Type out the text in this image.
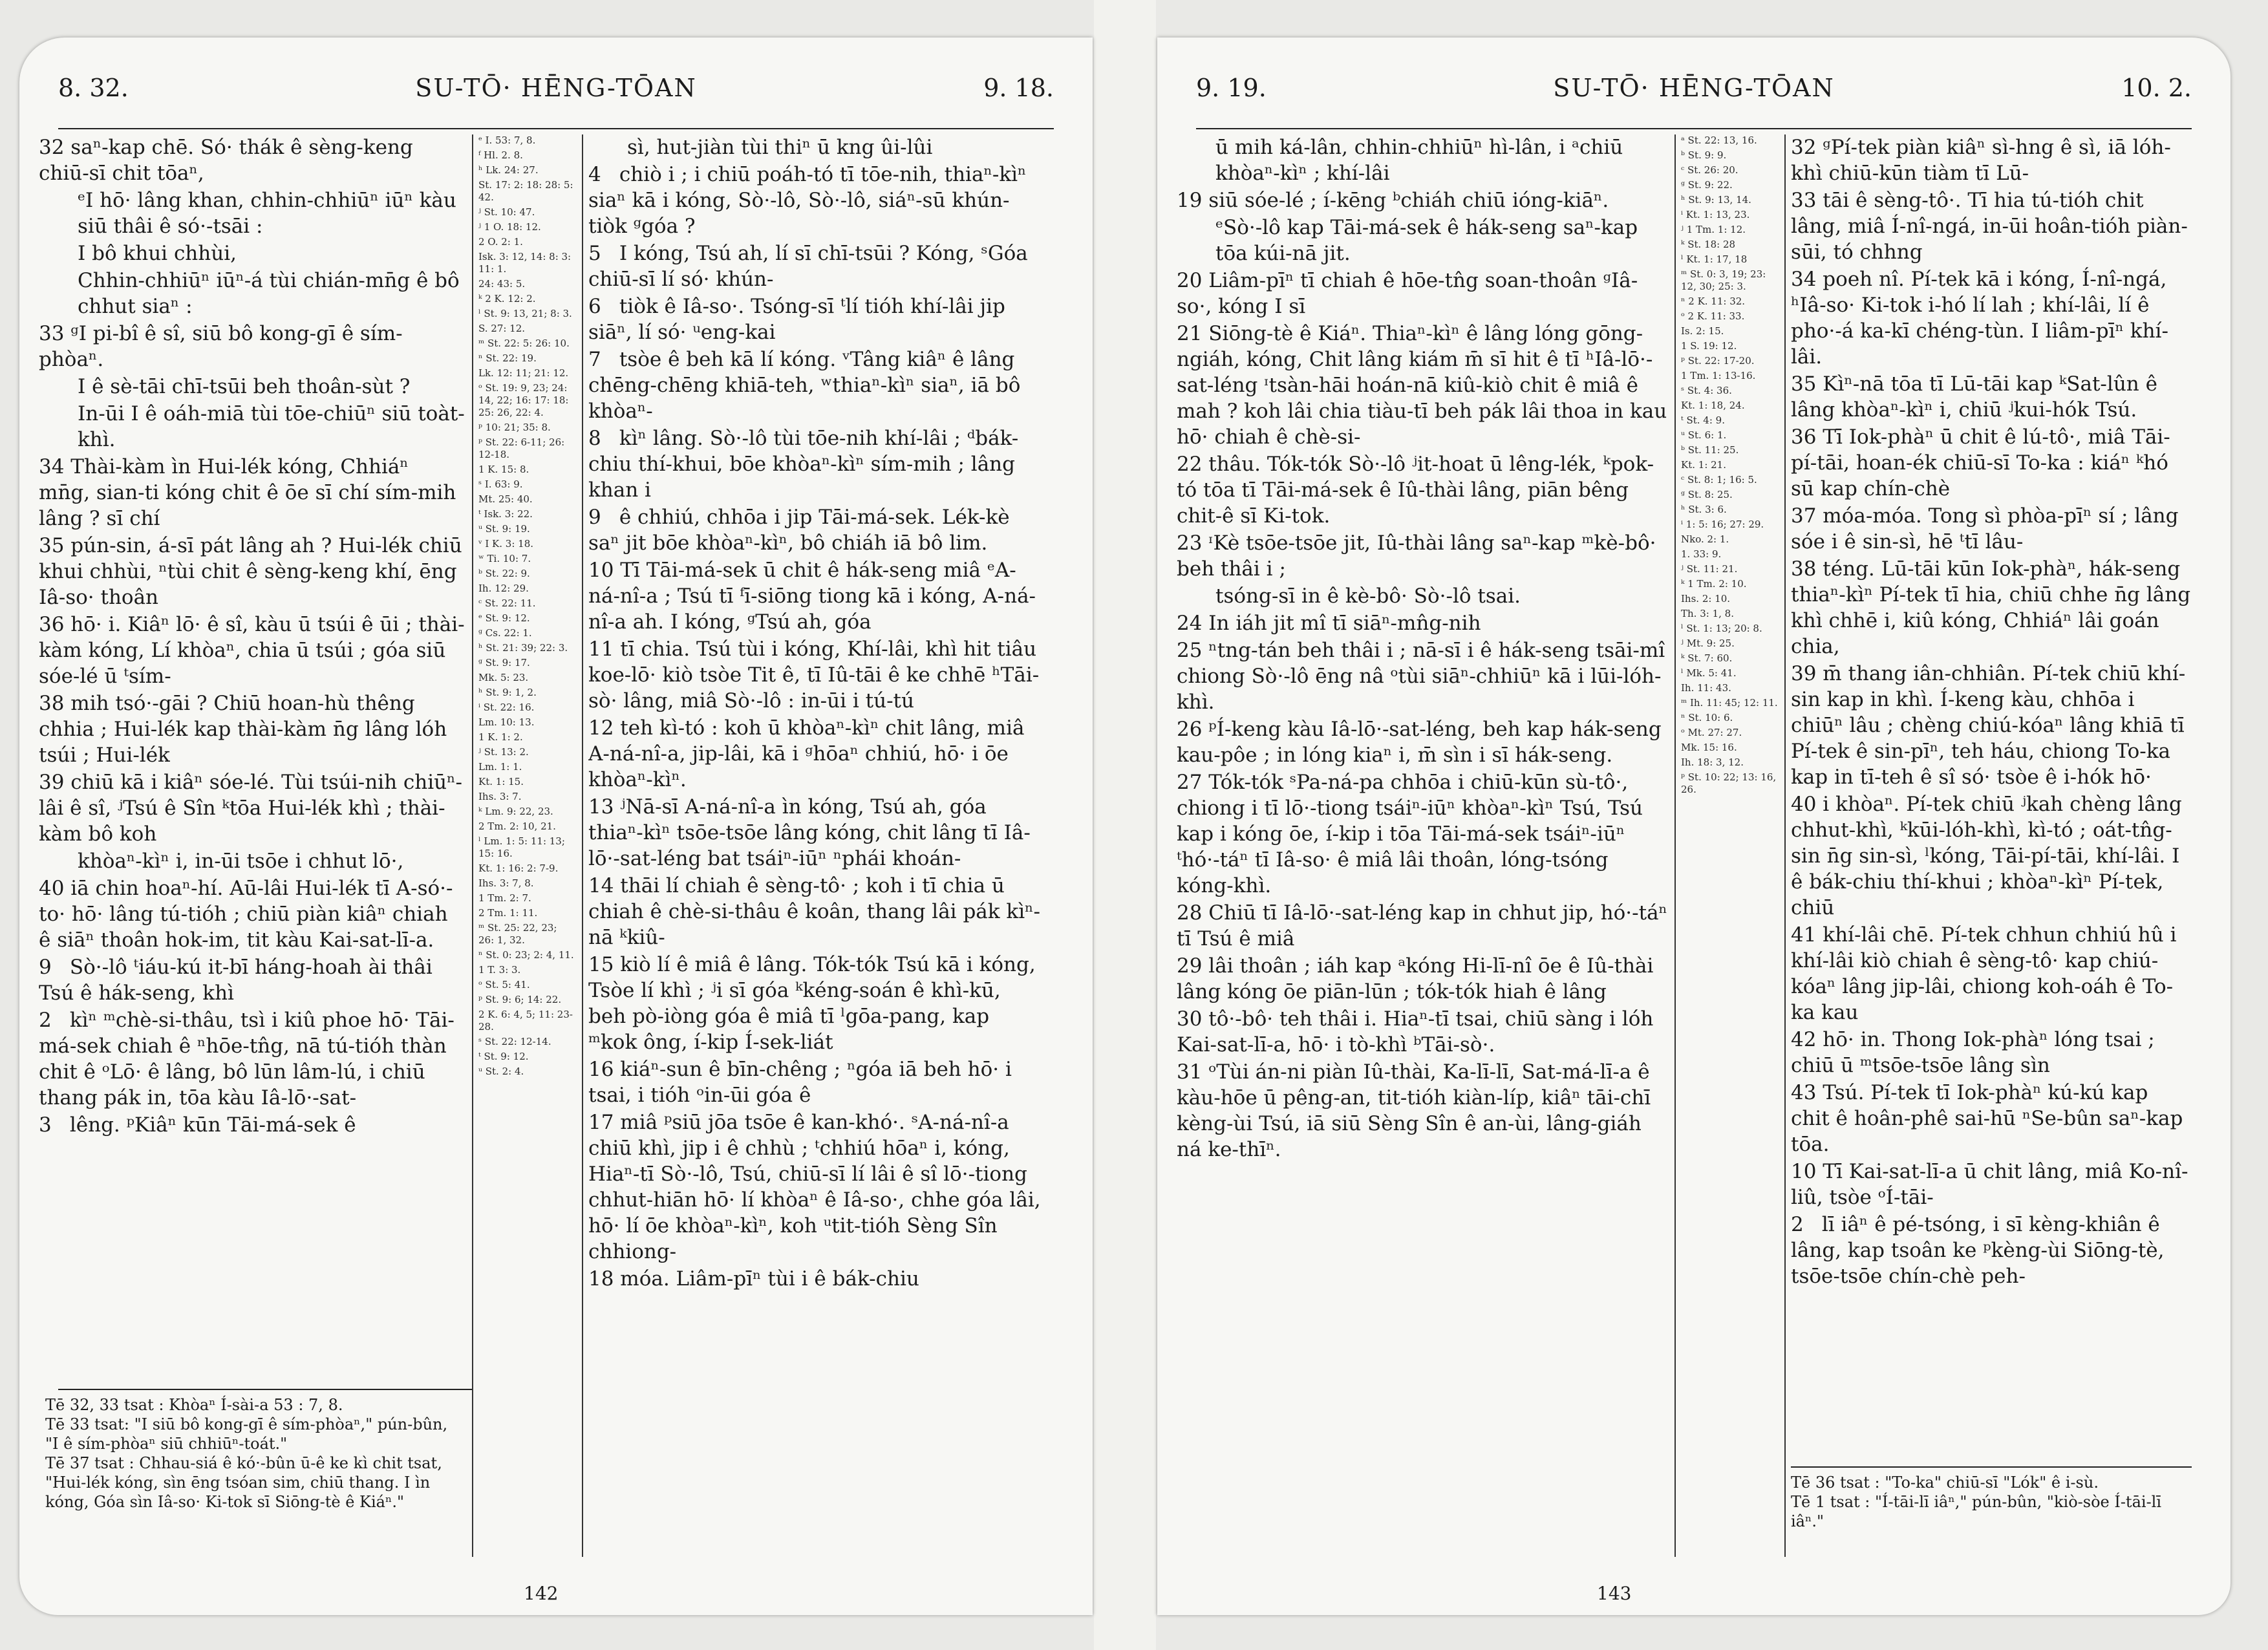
8. 32.	SU-TŌ· HĒNG-TŌAN	9. 18.
32 saⁿ-kap chē. Só· thák ê sèng-keng chiū-sī chit tōaⁿ,
ᵉI hō· lâng khan, chhin-chhiūⁿ iūⁿ kàu siū thâi ê só·-tsāi :
I bô khui chhùi,
Chhin-chhiūⁿ iūⁿ-á tùi chián-mn̄g ê bô chhut siaⁿ :
33 ᵍI pi-bî ê sî, siū bô kong-gī ê sím-phòaⁿ.
I ê sè-tāi chī-tsūi beh thoân-sùt ?
In-ūi I ê oáh-miā tùi tōe-chiūⁿ siū toàt-khì.
34 Thài-kàm ìn Hui-lék kóng, Chhiáⁿ mn̄g, sian-ti kóng chit ê ōe sī chí sím-mih lâng ? sī chí
35 pún-sin, á-sī pát lâng ah ? Hui-lék chiū khui chhùi, ⁿtùi chit ê sèng-keng khí, ēng Iâ-so· thoân
36 hō· i. Kiâⁿ lō· ê sî, kàu ū tsúi ê ūi ; thài-kàm kóng, Lí khòaⁿ, chia ū tsúi ; góa siū sóe-lé ū ᵗsím-
38 mih tsó·-gāi ? Chiū hoan-hù thêng chhia ; Hui-lék kap thài-kàm n̄g lâng lóh tsúi ; Hui-lék
39 chiū kā i kiâⁿ sóe-lé. Tùi tsúi-nih chiūⁿ-lâi ê sî, ʲTsú ê Sîn ᵏtōa Hui-lék khì ; thài-kàm bô koh
khòaⁿ-kìⁿ i, in-ūi tsōe i chhut lō·,
40 iā chin hoaⁿ-hí. Aū-lâi Hui-lék tī A-só·-to· hō· lâng tú-tióh ; chiū piàn kiâⁿ chiah ê siāⁿ thoân hok-im, tit kàu Kai-sat-lī-a.
9 Sò·-lô ᵗiáu-kú it-bī háng-hoah ài thâi Tsú ê hák-seng, khì
2 kìⁿ ᵐchè-si-thâu, tsì i kiû phoe hō· Tāi-má-sek chiah ê ⁿhōe-tn̂g, nā tú-tióh thàn chit ê ᵒLō· ê lâng, bô lūn lâm-lú, i chiū thang pák in, tōa kàu Iâ-lō·-sat-
3 lêng. ᵖKiâⁿ kūn Tāi-má-sek ê
ᵉ I. 53: 7, 8.
ᶠ Hl. 2. 8.
ʰ Lk. 24: 27.
St. 17: 2: 18: 28: 5: 42.
ʲ St. 10: 47.
ʲ 1 O. 18: 12.
2 O. 2: 1.
Isk. 3: 12, 14: 8: 3: 11: 1.
24: 43: 5.
ᵏ 2 K. 12: 2.
ˡ St. 9: 13, 21; 8: 3.
S. 27: 12.
ᵐ St. 22: 5: 26: 10.
ⁿ St. 22: 19.
Lk. 12: 11; 21: 12.
ᵒ St. 19: 9, 23; 24: 14, 22; 16: 17: 18: 25: 26, 22: 4.
ᵖ 10: 21; 35: 8.
ᵖ St. 22: 6-11; 26: 12-18.
1 K. 15: 8.
ˢ I. 63: 9.
Mt. 25: 40.
ᵗ Isk. 3: 22.
ᵘ St. 9: 19.
ᵛ I K. 3: 18.
ʷ Ti. 10: 7.
ᵇ St. 22: 9.
Ih. 12: 29.
ᶜ St. 22: 11.
ᵉ St. 9: 12.
ᵍ Cs. 22: 1.
ʰ St. 21: 39; 22: 3.
ᵍ St. 9: 17.
Mk. 5: 23.
ʰ St. 9: 1, 2.
ⁱ St. 22: 16.
Lm. 10: 13.
1 K. 1: 2.
ʲ St. 13: 2.
Lm. 1: 1.
Kt. 1: 15.
Ihs. 3: 7.
ᵏ Lm. 9: 22, 23.
2 Tm. 2: 10, 21.
ˡ Lm. 1: 5: 11: 13; 15: 16.
Kt. 1: 16: 2: 7-9.
Ihs. 3: 7, 8.
1 Tm. 2: 7.
2 Tm. 1: 11.
ᵐ St. 25: 22, 23; 26: 1, 32.
ⁿ St. 0: 23; 2: 4, 11.
1 T. 3: 3.
ᵒ St. 5: 41.
ᵖ St. 9: 6; 14: 22.
2 K. 6: 4, 5; 11: 23-28.
ˢ St. 22: 12-14.
ᵗ St. 9: 12.
ᵘ St. 2: 4.
sì, hut-jiàn tùi thiⁿ ū kng ûi-lûi
4 chiò i ; i chiū poáh-tó tī tōe-nih, thiaⁿ-kìⁿ siaⁿ kā i kóng, Sò·-lô, Sò·-lô, siáⁿ-sū khún-tiòk ᵍgóa ?
5 I kóng, Tsú ah, lí sī chī-tsūi ? Kóng, ˢGóa chiū-sī lí só· khún-
6 tiòk ê Iâ-so·. Tsóng-sī ᵗlí tióh khí-lâi jip siāⁿ, lí só· ᵘeng-kai
7 tsòe ê beh kā lí kóng. ᵛTâng kiâⁿ ê lâng chēng-chēng khiā-teh, ʷthiaⁿ-kìⁿ siaⁿ, iā bô khòaⁿ-
8 kìⁿ lâng. Sò·-lô tùi tōe-nih khí-lâi ; ᵈbák-chiu thí-khui, bōe khòaⁿ-kìⁿ sím-mih ; lâng khan i
9 ê chhiú, chhōa i jip Tāi-má-sek. Lék-kè saⁿ jit bōe khòaⁿ-kìⁿ, bô chiáh iā bô lim.
10 Tī Tāi-má-sek ū chit ê hák-seng miâ ᵉA-ná-nî-a ; Tsú tī ᶠī-siōng tiong kā i kóng, A-ná-nî-a ah. I kóng, ᵍTsú ah, góa
11 tī chia. Tsú tùi i kóng, Khí-lâi, khì hit tiâu koe-lō· kiò tsòe Tit ê, tī Iû-tāi ê ke chhē ʰTāi-sò· lâng, miâ Sò·-lô : in-ūi i tú-tú
12 teh kì-tó : koh ū khòaⁿ-kìⁿ chit lâng, miâ A-ná-nî-a, jip-lâi, kā i ᵍhōaⁿ chhiú, hō· i ōe khòaⁿ-kìⁿ.
13 ʲNā-sī A-ná-nî-a ìn kóng, Tsú ah, góa thiaⁿ-kìⁿ tsōe-tsōe lâng kóng, chit lâng tī Iâ-lō·-sat-léng bat tsáiⁿ-iūⁿ ⁿphái khoán-
14 thāi lí chiah ê sèng-tô· ; koh i tī chia ū chiah ê chè-si-thâu ê koân, thang lâi pák kìⁿ-nā ᵏkiû-
15 kiò lí ê miâ ê lâng. Tók-tók Tsú kā i kóng, Tsòe lí khì ; ʲi sī góa ᵏkéng-soán ê khì-kū, beh pò-iòng góa ê miâ tī ˡgōa-pang, kap ᵐkok ông, í-kip Í-sek-liát
16 kiáⁿ-sun ê bīn-chêng ; ⁿgóa iā beh hō· i tsai, i tióh ᵒin-ūi góa ê
17 miâ ᵖsiū jōa tsōe ê kan-khó·. ˢA-ná-nî-a chiū khì, jip i ê chhù ; ᵗchhiú hōaⁿ i, kóng, Hiaⁿ-tī Sò·-lô, Tsú, chiū-sī lí lâi ê sî lō·-tiong chhut-hiān hō· lí khòaⁿ ê Iâ-so·, chhe góa lâi, hō· lí ōe khòaⁿ-kìⁿ, koh ᵘtit-tióh Sèng Sîn chhiong-
18 móa. Liâm-pīⁿ tùi i ê bák-chiu
Tē 32, 33 tsat : Khòaⁿ Í-sài-a 53 : 7, 8.
Tē 33 tsat: "I siū bô kong-gī ê sím-phòaⁿ," pún-bûn, "I ê sím-phòaⁿ siū chhiūⁿ-toát."
Tē 37 tsat : Chhau-siá ê kó·-bûn ū-ê ke kì chit tsat, "Hui-lék kóng, sìn ēng tsóan sim, chiū thang. I ìn kóng, Góa sìn Iâ-so· Ki-tok sī Siōng-tè ê Kiáⁿ."
142
9. 19.	SU-TŌ· HĒNG-TŌAN	10. 2.
ū mih ká-lân, chhin-chhiūⁿ hì-lân, i ᵃchiū khòaⁿ-kìⁿ ; khí-lâi
19 siū sóe-lé ; í-kēng ᵇchiáh chiū ióng-kiāⁿ.
ᵉSò·-lô kap Tāi-má-sek ê hák-seng saⁿ-kap tōa kúi-nā jit.
20 Liâm-pīⁿ tī chiah ê hōe-tn̂g soan-thoân ᵍIâ-so·, kóng I sī
21 Siōng-tè ê Kiáⁿ. Thiaⁿ-kìⁿ ê lâng lóng gōng-ngiáh, kóng, Chit lâng kiám m̄ sī hit ê tī ʰIâ-lō·-sat-léng ᶦtsàn-hāi hoán-nā kiû-kiò chit ê miâ ê mah ? koh lâi chia tiàu-tī beh pák lâi thoa in kau hō· chiah ê chè-si-
22 thâu. Tók-tók Sò·-lô ʲit-hoat ū lêng-lék, ᵏpok-tó tōa tī Tāi-má-sek ê Iû-thài lâng, piān bêng chit-ê sī Ki-tok.
23 ᶦKè tsōe-tsōe jit, Iû-thài lâng saⁿ-kap ᵐkè-bô· beh thâi i ;
tsóng-sī in ê kè-bô· Sò·-lô tsai.
24 In iáh jit mî tī siāⁿ-mn̂g-nih
25 ⁿtng-tán beh thâi i ; nā-sī i ê hák-seng tsāi-mî chiong Sò·-lô ēng nâ ᵒtùi siāⁿ-chhiūⁿ kā i lūi-lóh-khì.
26 ᵖÍ-keng kàu Iâ-lō·-sat-léng, beh kap hák-seng kau-pôe ; in lóng kiaⁿ i, m̄ sìn i sī hák-seng.
27 Tók-tók ˢPa-ná-pa chhōa i chiū-kūn sù-tô·, chiong i tī lō·-tiong tsáiⁿ-iūⁿ khòaⁿ-kìⁿ Tsú, Tsú kap i kóng ōe, í-kip i tōa Tāi-má-sek tsáiⁿ-iūⁿ ᵗhó·-táⁿ tī Iâ-so· ê miâ lâi thoân, lóng-tsóng kóng-khì.
28 Chiū tī Iâ-lō·-sat-léng kap in chhut jip, hó·-táⁿ tī Tsú ê miâ
29 lâi thoân ; iáh kap ᵃkóng Hi-lī-nî ōe ê Iû-thài lâng kóng ōe piān-lūn ; tók-tók hiah ê lâng
30 tô·-bô· teh thâi i. Hiaⁿ-tī tsai, chiū sàng i lóh Kai-sat-lī-a, hō· i tò-khì ᵇTāi-sò·.
31 ᵒTùi án-ni piàn Iû-thài, Ka-lī-lī, Sat-má-lī-a ê kàu-hōe ū pêng-an, tit-tióh kiàn-líp, kiâⁿ tāi-chī kèng-ùi Tsú, iā siū Sèng Sîn ê an-ùi, lâng-giáh ná ke-thīⁿ.
ᵃ St. 22: 13, 16.
ᵇ St. 9: 9.
ᶜ St. 26: 20.
ᵍ St. 9: 22.
ʰ St. 9: 13, 14.
ⁱ Kt. 1: 13, 23.
ʲ 1 Tm. 1: 12.
ᵏ St. 18: 28
ˡ Kt. 1: 17, 18
ᵐ St. 0: 3, 19; 23: 12, 30; 25: 3.
ⁿ 2 K. 11: 32.
ᵒ 2 K. 11: 33.
Is. 2: 15.
1 S. 19: 12.
ᵖ St. 22: 17-20.
1 Tm. 1: 13-16.
ˢ St. 4: 36.
Kt. 1: 18, 24.
ᵗ St. 4: 9.
ᵘ St. 6: 1.
ᵇ St. 11: 25.
Kt. 1: 21.
ᶜ St. 8: 1; 16: 5.
ᵍ St. 8: 25.
ʰ St. 3: 6.
ⁱ 1: 5: 16; 27: 29.
Nko. 2: 1.
1. 33: 9.
ʲ St. 11: 21.
ᵏ 1 Tm. 2: 10.
Ihs. 2: 10.
Th. 3: 1, 8.
ˡ St. 1: 13; 20: 8.
ʲ Mt. 9: 25.
ᵏ St. 7: 60.
ˡ Mk. 5: 41.
Ih. 11: 43.
ᵐ Ih. 11: 45; 12: 11.
ⁿ St. 10: 6.
ᵒ Mt. 27: 27.
Mk. 15: 16.
Ih. 18: 3, 12.
ᵖ St. 10: 22; 13: 16, 26.
32 ᵍPí-tek piàn kiâⁿ sì-hng ê sì, iā lóh-khì chiū-kūn tiàm tī Lū-
33 tāi ê sèng-tô·. Tī hia tú-tióh chit lâng, miâ Í-nî-ngá, in-ūi hoân-tióh piàn-sūi, tó chhng
34 poeh nî. Pí-tek kā i kóng, Í-nî-ngá, ʰIâ-so· Ki-tok i-hó lí lah ; khí-lâi, lí ê pho·-á ka-kī chéng-tùn. I liâm-pīⁿ khí-lâi.
35 Kìⁿ-nā tōa tī Lū-tāi kap ᵏSat-lûn ê lâng khòaⁿ-kìⁿ i, chiū ʲkui-hók Tsú.
36 Tī Iok-phàⁿ ū chit ê lú-tô·, miâ Tāi-pí-tāi, hoan-ék chiū-sī To-ka : kiáⁿ ᵏhó sū kap chín-chè
37 móa-móa. Tong sì phòa-pīⁿ sí ; lâng sóe i ê sin-sì, hē ᵗtī lâu-
38 téng. Lū-tāi kūn Iok-phàⁿ, hák-seng thiaⁿ-kìⁿ Pí-tek tī hia, chiū chhe n̄g lâng khì chhē i, kiû kóng, Chhiáⁿ lâi goán chia,
39 m̄ thang iân-chhiân. Pí-tek chiū khí-sin kap in khì. Í-keng kàu, chhōa i chiūⁿ lâu ; chèng chiú-kóaⁿ lâng khiā tī Pí-tek ê sin-pīⁿ, teh háu, chiong To-ka kap in tī-teh ê sî só· tsòe ê i-hók hō·
40 i khòaⁿ. Pí-tek chiū ʲkah chèng lâng chhut-khì, ᵏkūi-lóh-khì, kì-tó ; oát-tn̂g-sin n̄g sin-sì, ˡkóng, Tāi-pí-tāi, khí-lâi. I ê bák-chiu thí-khui ; khòaⁿ-kìⁿ Pí-tek, chiū
41 khí-lâi chē. Pí-tek chhun chhiú hû i khí-lâi kiò chiah ê sèng-tô· kap chiú-kóaⁿ lâng jip-lâi, chiong koh-oáh ê To-ka kau
42 hō· in. Thong Iok-phàⁿ lóng tsai ; chiū ū ᵐtsōe-tsōe lâng sìn
43 Tsú. Pí-tek tī Iok-phàⁿ kú-kú kap chit ê hoân-phê sai-hū ⁿSe-bûn saⁿ-kap tōa.
10 Tī Kai-sat-lī-a ū chit lâng, miâ Ko-nî-liû, tsòe ᵒÍ-tāi-
2 lī iâⁿ ê pé-tsóng, i sī kèng-khiân ê lâng, kap tsoân ke ᵖkèng-ùi Siōng-tè, tsōe-tsōe chín-chè peh-
Tē 36 tsat : "To-ka" chiū-sī "Lók" ê i-sù.
Tē 1 tsat : "Í-tāi-lī iâⁿ," pún-bûn, "kiò-sòe Í-tāi-lī iâⁿ."
143
